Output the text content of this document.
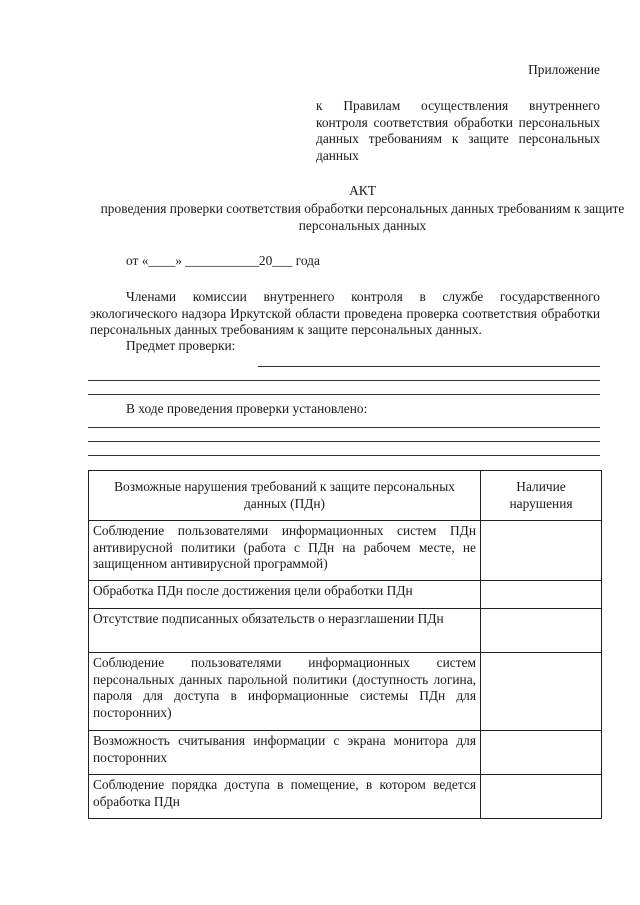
Приложение
к Правилам осуществления внутреннего контроля соответствия обработки персональных данных требованиям к защите персональных данных
АКТ
проведения проверки соответствия обработки персональных данных требованиям к защите персональных данных
от «____» ___________20___ года
Членами комиссии внутреннего контроля в службе государственного экологического надзора Иркутской области проведена проверка соответствия обработки персональных данных требованиям к защите персональных данных.
Предмет проверки:
В ходе проведения проверки установлено:
Возможные нарушения требований к защите персональных данных (ПДн)	Наличие нарушения
Соблюдение пользователями информационных систем ПДн антивирусной политики (работа с ПДн на рабочем месте, не защищенном антивирусной программой)	
Обработка ПДн после достижения цели обработки ПДн	
Отсутствие подписанных обязательств о неразглашении ПДн	
Соблюдение пользователями информационных систем персональных данных парольной политики (доступность логина, пароля для доступа в информационные системы ПДн для посторонних)	
Возможность считывания информации с экрана монитора для посторонних	
Соблюдение порядка доступа в помещение, в котором ведется обработка ПДн	
